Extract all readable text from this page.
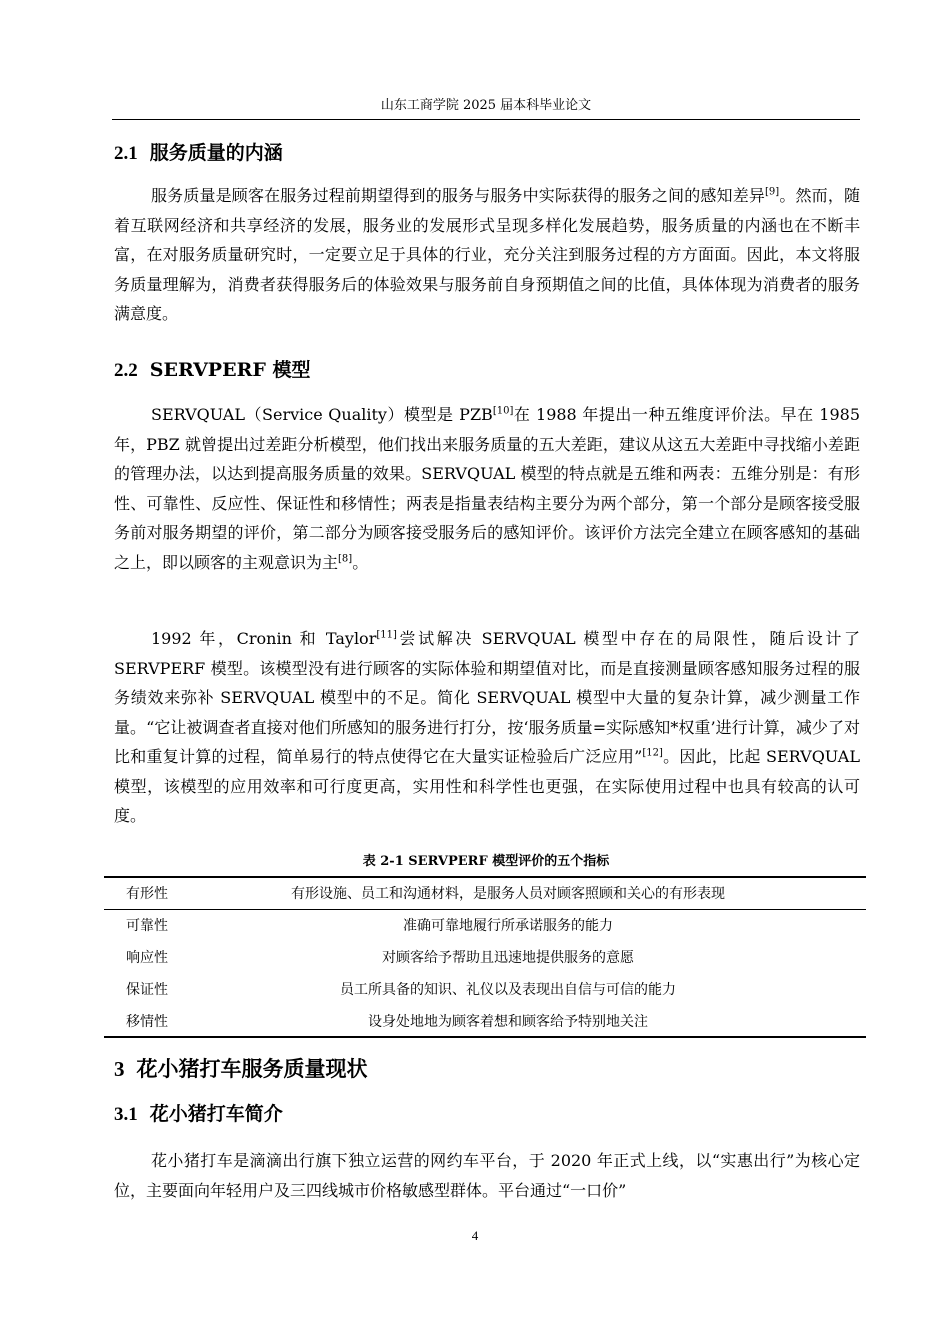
山东工商学院 2025 届本科毕业论文
2.1 服务质量的内涵

服务质量是顾客在服务过程前期望得到的服务与服务中实际获得的服务之间的感知差异[9]。然而，随着互联网经济和共享经济的发展，服务业的发展形式呈现多样化发展趋势，服务质量的内涵也在不断丰富，在对服务质量研究时，一定要立足于具体的行业，充分关注到服务过程的方方面面。因此，本文将服务质量理解为，消费者获得服务后的体验效果与服务前自身预期值之间的比值，具体体现为消费者的服务满意度。

2.2 SERVPERF 模型

SERVQUAL（Service Quality）模型是 PZB[10]在 1988 年提出一种五维度评价法。早在 1985 年，PBZ 就曾提出过差距分析模型，他们找出来服务质量的五大差距，建议从这五大差距中寻找缩小差距的管理办法，以达到提高服务质量的效果。SERVQUAL 模型的特点就是五维和两表：五维分别是：有形性、可靠性、反应性、保证性和移情性；两表是指量表结构主要分为两个部分，第一个部分是顾客接受服务前对服务期望的评价，第二部分为顾客接受服务后的感知评价。该评价方法完全建立在顾客感知的基础之上，即以顾客的主观意识为主[8]。

1992 年，Cronin 和 Taylor[11]尝试解决 SERVQUAL 模型中存在的局限性，随后设计了 SERVPERF 模型。该模型没有进行顾客的实际体验和期望值对比，而是直接测量顾客感知服务过程的服务绩效来弥补 SERVQUAL 模型中的不足。简化 SERVQUAL 模型中大量的复杂计算，减少测量工作量。“它让被调查者直接对他们所感知的服务进行打分，按‘服务质量=实际感知*权重’进行计算，减少了对比和重复计算的过程，简单易行的特点使得它在大量实证检验后广泛应用”[12]。因此，比起 SERVQUAL 模型，该模型的应用效率和可行度更高，实用性和科学性也更强，在实际使用过程中也具有较高的认可度。

表 2-1 SERVPERF 模型评价的五个指标
有形性	有形设施、员工和沟通材料，是服务人员对顾客照顾和关心的有形表现
可靠性	准确可靠地履行所承诺服务的能力
响应性	对顾客给予帮助且迅速地提供服务的意愿
保证性	员工所具备的知识、礼仪以及表现出自信与可信的能力
移情性	设身处地地为顾客着想和顾客给予特别地关注
3 花小猪打车服务质量现状
3.1 花小猪打车简介

花小猪打车是滴滴出行旗下独立运营的网约车平台，于 2020 年正式上线，以“实惠出行”为核心定位，主要面向年轻用户及三四线城市价格敏感型群体。平台通过“一口价”

4
